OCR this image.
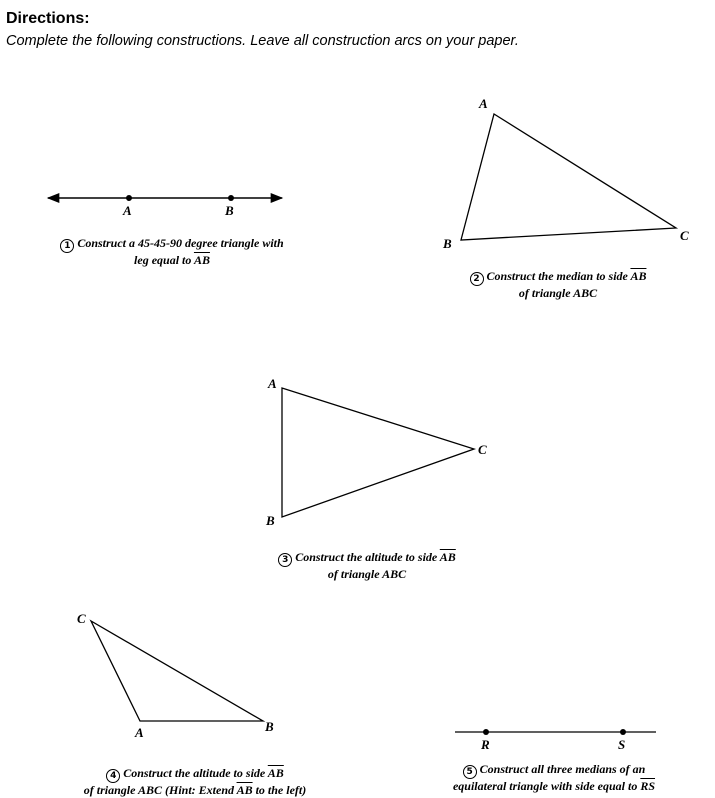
Directions:

Complete the following constructions. Leave all construction arcs on your paper.

A	B
A
B
C
A
B
C
C
A	B
R	S
1 Construct a 45-45-90 degree triangle with
leg equal to $\overline{AB}$
2 Construct the median to side $\overline{AB}$
of triangle ABC
3 Construct the altitude to side $\overline{AB}$
of triangle ABC
4 Construct the altitude to side $\overline{AB}$
of triangle ABC (Hint: Extend $\overline{AB}$ to the left)
5 Construct all three medians of an
equilateral triangle with side equal to $\overline{RS}$
